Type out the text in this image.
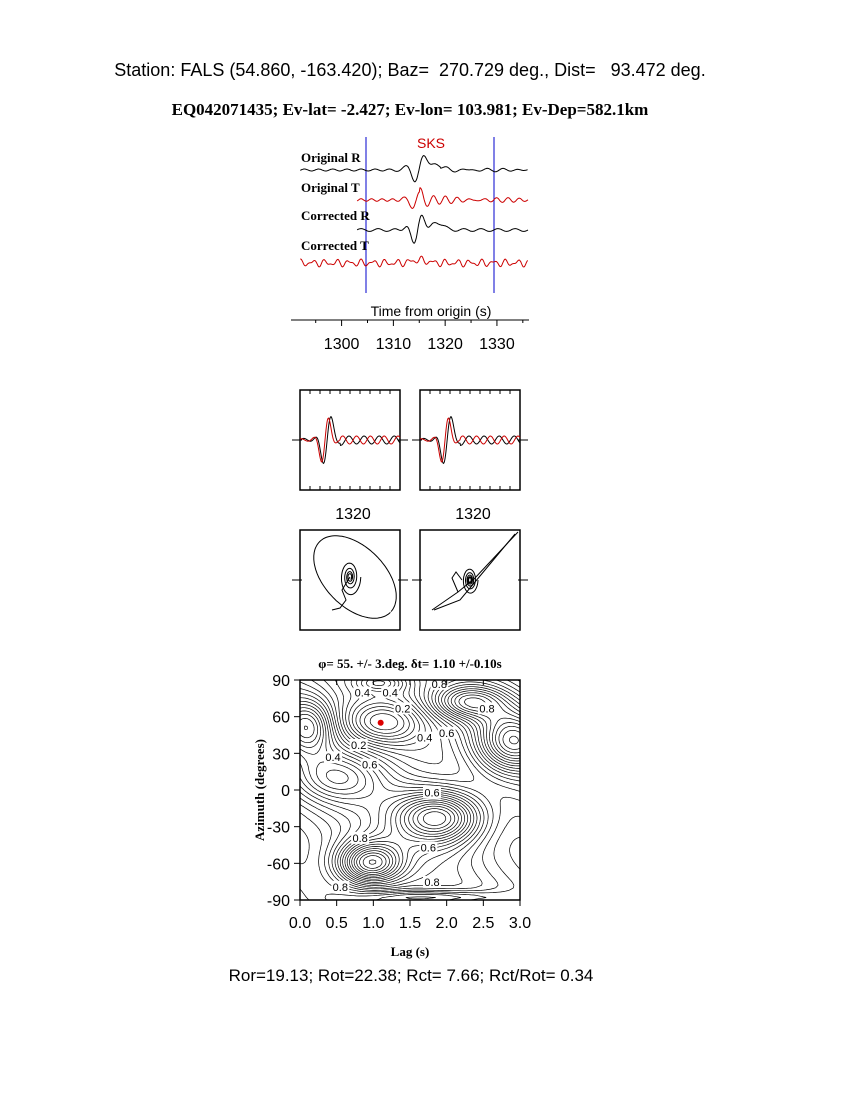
Station: FALS (54.860, -163.420); Baz=  270.729 deg., Dist=   93.472 deg.
EQ042071435; Ev-lat= -2.427; Ev-lon= 103.981; Ev-Dep=582.1km
SKS
Original R
Original T
Corrected R
Corrected T
Time from origin (s)
1300 1310 1320 1330
1320	1320
φ= 55. +/- 3.deg. δt= 1.10 +/-0.10s
0.4 0.4
0.2
0.8
0.2
0.4 0.6
0.8
0.4
0.6
0.6
0.8
0.6
0.8
0.8
0.0 0.5 1.0 1.5 2.0 2.5 3.0
90
60
30
0
-30
-60
-90
Lag (s)
Azimuth (degrees)
Ror=19.13; Rot=22.38; Rct= 7.66; Rct/Rot= 0.34
